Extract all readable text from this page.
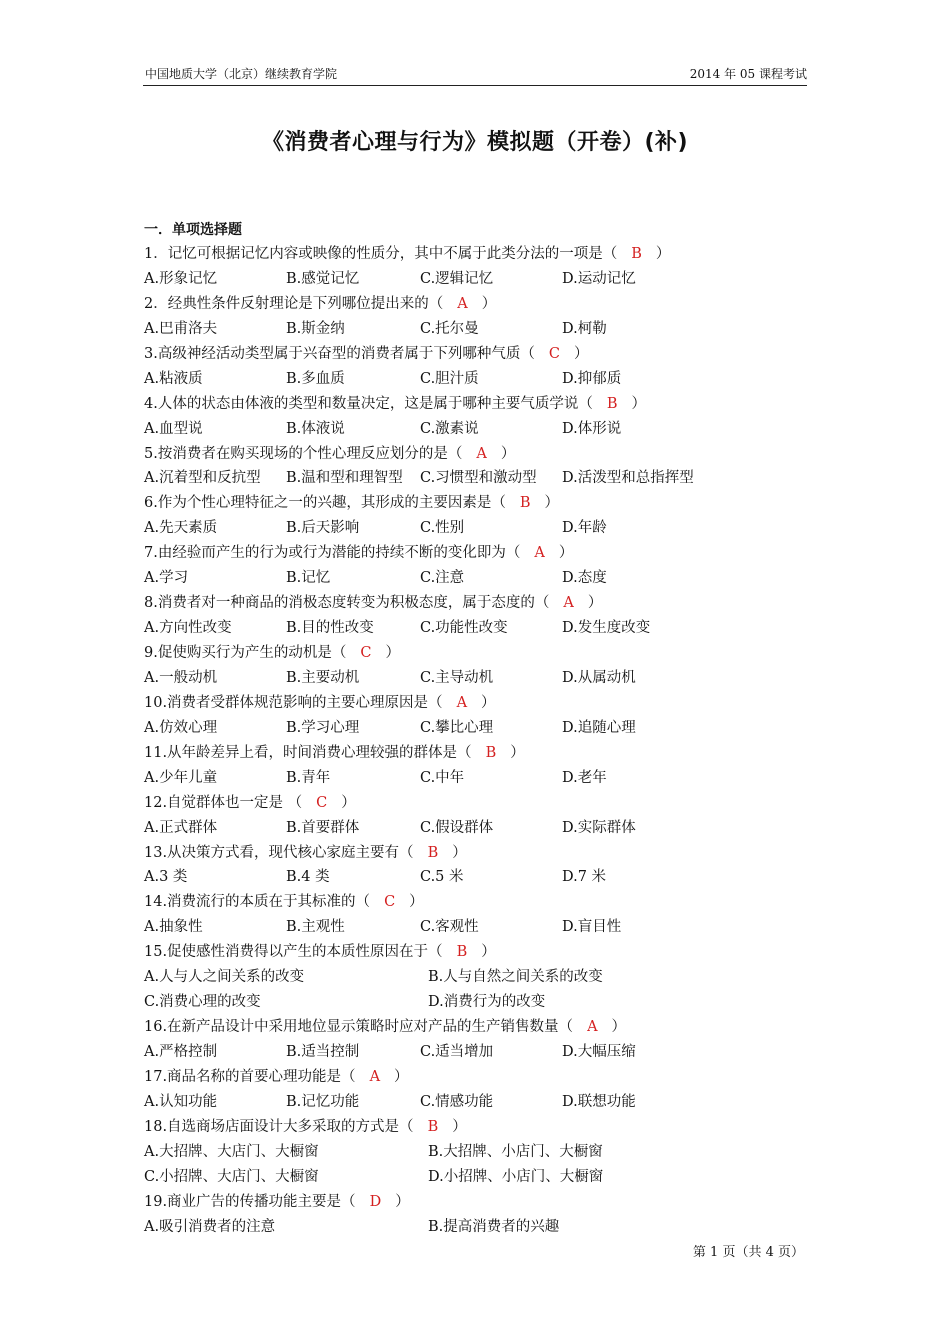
中国地质大学（北京）继续教育学院	2014 年 05 课程考试
《消费者心理与行为》模拟题（开卷）(补)
一．单项选择题
1．记忆可根据记忆内容或映像的性质分，其中不属于此类分法的一项是（ B ）
A.形象记忆	B.感觉记忆	C.逻辑记忆	D.运动记忆
2．经典性条件反射理论是下列哪位提出来的（ A ）
A.巴甫洛夫	B.斯金纳	C.托尔曼	D.柯勒
3.高级神经活动类型属于兴奋型的消费者属于下列哪种气质（ C ）
A.粘液质	B.多血质	C.胆汁质	D.抑郁质
4.人体的状态由体液的类型和数量决定，这是属于哪种主要气质学说（ B ）
A.血型说	B.体液说	C.激素说	D.体形说
5.按消费者在购买现场的个性心理反应划分的是（ A ）
A.沉着型和反抗型 B.温和型和理智型 C.习惯型和激动型 D.活泼型和总指挥型
6.作为个性心理特征之一的兴趣，其形成的主要因素是（ B ）
A.先天素质	B.后天影响	C.性别	D.年龄
7.由经验而产生的行为或行为潜能的持续不断的变化即为（ A ）
A.学习	B.记忆	C.注意	D.态度
8.消费者对一种商品的消极态度转变为积极态度，属于态度的（ A ）
A.方向性改变	B.目的性改变	C.功能性改变	D.发生度改变
9.促使购买行为产生的动机是（ C ）
A.一般动机	B.主要动机	C.主导动机	D.从属动机
10.消费者受群体规范影响的主要心理原因是（ A ）
A.仿效心理	B.学习心理	C.攀比心理	D.追随心理
11.从年龄差异上看，时间消费心理较强的群体是（ B ）
A.少年儿童	B.青年	C.中年	D.老年
12.自觉群体也一定是 （ C ）
A.正式群体	B.首要群体	C.假设群体	D.实际群体
13.从决策方式看，现代核心家庭主要有（ B ）
A.3 类	B.4 类	C.5 米	D.7 米
14.消费流行的本质在于其标准的（ C ）
A.抽象性	B.主观性	C.客观性	D.盲目性
15.促使感性消费得以产生的本质性原因在于（ B ）
A.人与人之间关系的改变	B.人与自然之间关系的改变
C.消费心理的改变	D.消费行为的改变
16.在新产品设计中采用地位显示策略时应对产品的生产销售数量（ A ）
A.严格控制	B.适当控制	C.适当增加	D.大幅压缩
17.商品名称的首要心理功能是（ A ）
A.认知功能	B.记忆功能	C.情感功能	D.联想功能
18.自选商场店面设计大多采取的方式是（ B ）
A.大招牌、大店门、大橱窗	B.大招牌、小店门、大橱窗
C.小招牌、大店门、大橱窗	D.小招牌、小店门、大橱窗
19.商业广告的传播功能主要是（ D ）
A.吸引消费者的注意	B.提高消费者的兴趣
第 1 页（共 4 页）
